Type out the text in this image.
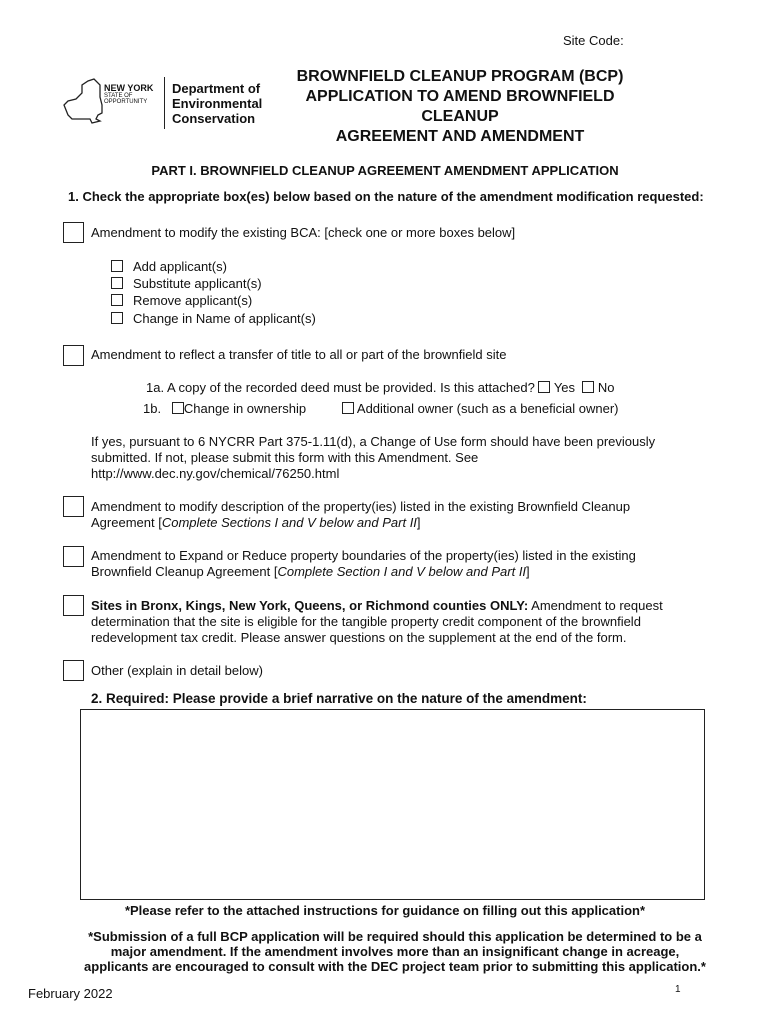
Site Code:
NEW YORK
STATE OF
OPPORTUNITY
Department of
Environmental
Conservation
BROWNFIELD CLEANUP PROGRAM (BCP)
APPLICATION TO AMEND BROWNFIELD CLEANUP
AGREEMENT AND AMENDMENT
PART I. BROWNFIELD CLEANUP AGREEMENT AMENDMENT APPLICATION
1. Check the appropriate box(es) below based on the nature of the amendment modification requested:
Amendment to modify the existing BCA: [check one or more boxes below]
Add applicant(s)
Substitute applicant(s)
Remove applicant(s)
Change in Name of applicant(s)
Amendment to reflect a transfer of title to all or part of the brownfield site
1a. A copy of the recorded deed must be provided. Is this attached? Yes No
1b. Change in ownership	Additional owner (such as a beneficial owner)
If yes, pursuant to 6 NYCRR Part 375-1.11(d), a Change of Use form should have been previously
submitted. If not, please submit this form with this Amendment. See
http://www.dec.ny.gov/chemical/76250.html
Amendment to modify description of the property(ies) listed in the existing Brownfield Cleanup
Agreement [Complete Sections I and V below and Part II]
Amendment to Expand or Reduce property boundaries of the property(ies) listed in the existing
Brownfield Cleanup Agreement [Complete Section I and V below and Part II]
Sites in Bronx, Kings, New York, Queens, or Richmond counties ONLY: Amendment to request
determination that the site is eligible for the tangible property credit component of the brownfield
redevelopment tax credit. Please answer questions on the supplement at the end of the form.
Other (explain in detail below)
2. Required: Please provide a brief narrative on the nature of the amendment:
*Please refer to the attached instructions for guidance on filling out this application*
*Submission of a full BCP application will be required should this application be determined to be a
major amendment. If the amendment involves more than an insignificant change in acreage,
applicants are encouraged to consult with the DEC project team prior to submitting this application.*
February 2022	1
